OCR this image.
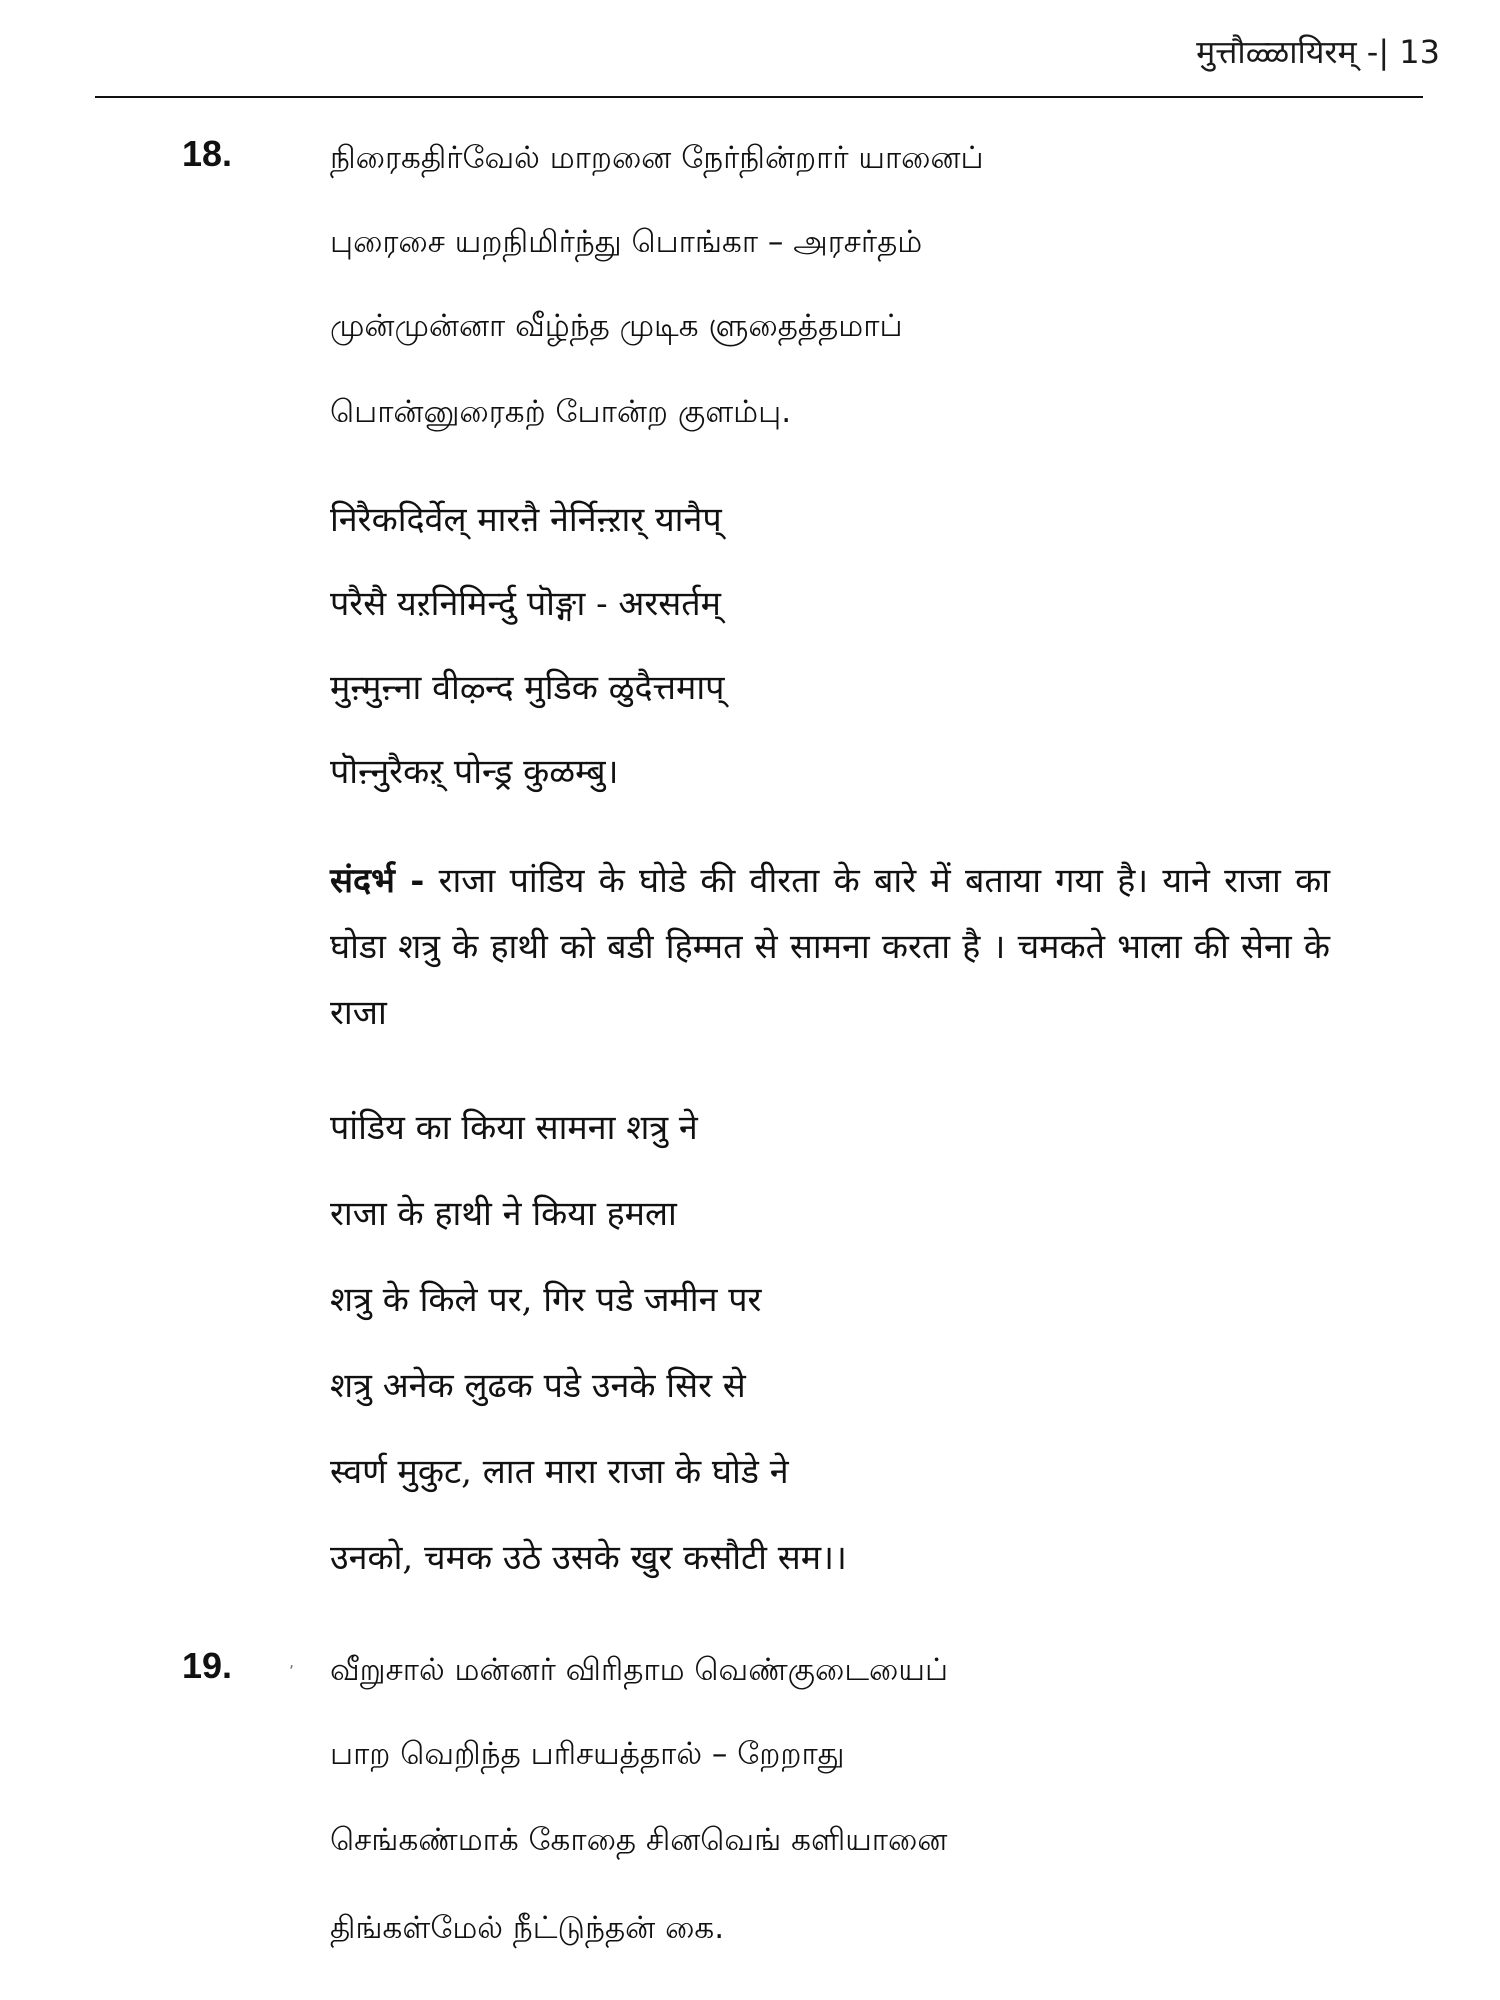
मुत्तौळ्ळायिरम् -| 13
18.	நிரைகதிர்வேல் மாறனை நேர்நின்றார் யானைப்
புரைசை யறநிமிர்ந்து பொங்கா – அரசர்தம்
முன்முன்னா வீழ்ந்த முடிக ளுதைத்தமாப்
பொன்னுரைகற் போன்ற குளம்பு.
निरैकदिर्वेल् मारऩै नेर्निऩ्ऱार् यानैप्
परैसै यऱनिमिर्न्दु पॊङ्गा - अरसर्तम्
मुऩ्मुऩ्ना वीऴ्न्द मुडिक ळुदैत्तमाप्
पॊऩ्नुरैकऱ् पोन्ड्र कुळम्बु।
संदर्भ - राजा पांडिय के घोडे की वीरता के बारे में बताया गया है। याने राजा का घोडा शत्रु के हाथी को बडी हिम्मत से सामना करता है । चमकते भाला की सेना के राजा
पांडिय का किया सामना शत्रु ने
राजा के हाथी ने किया हमला
शत्रु के किले पर, गिर पडे जमीन पर
शत्रु अनेक लुढक पडे उनके सिर से
स्वर्ण मुकुट, लात मारा राजा के घोडे ने
उनको, चमक उठे उसके खुर कसौटी सम।।
19.	, வீறுசால் மன்னர் விரிதாம வெண்குடையைப்
பாற வெறிந்த பரிசயத்தால் – றேறாது
செங்கண்மாக் கோதை சினவெங் களியானை
திங்கள்மேல் நீட்டுந்தன் கை.
